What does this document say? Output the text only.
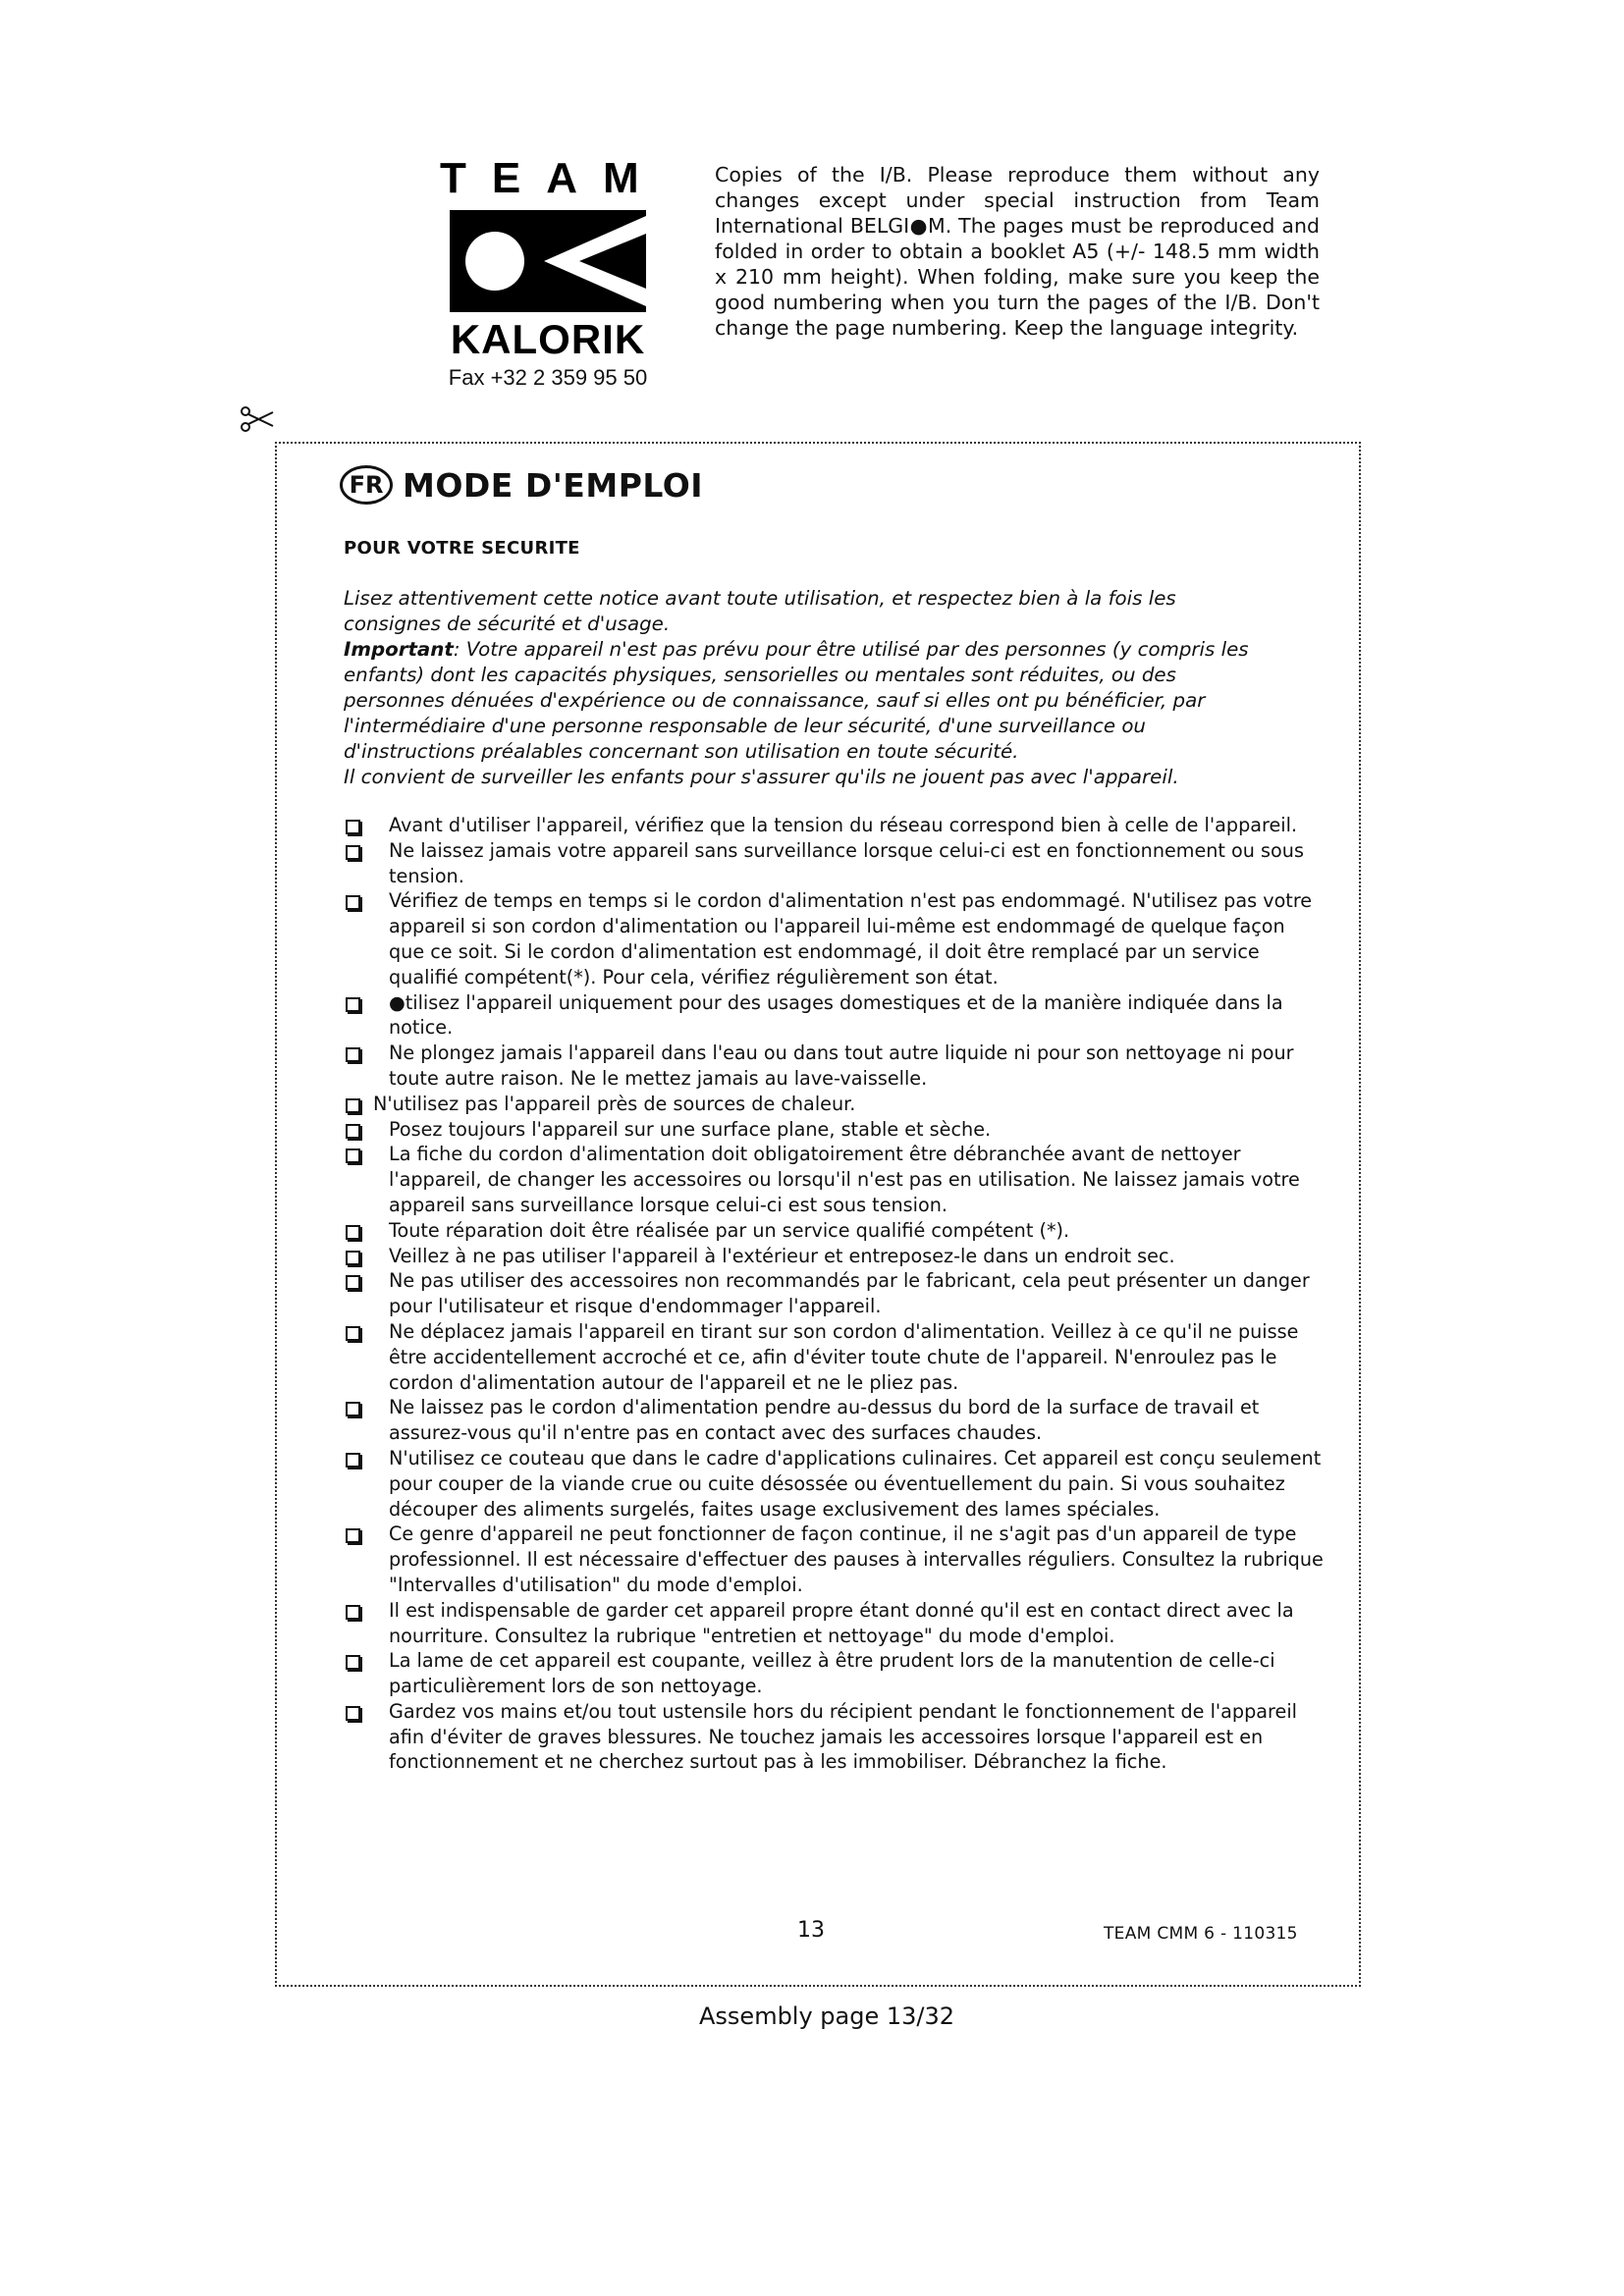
TEAM
KALORIK
Fax +32 2 359 95 50
Copies of the I/B. Please reproduce them without any changes except under special instruction from Team International BELGI●M. The pages must be reproduced and folded in order to obtain a booklet A5 (+/- 148.5 mm width x 210 mm height). When folding, make sure you keep the good numbering when you turn the pages of the I/B. Don't change the page numbering. Keep the language integrity.
FR MODE D'EMPLOI
POUR VOTRE SECURITE

Lisez attentivement cette notice avant toute utilisation, et respectez bien à la fois les consignes de sécurité et d'usage.

Important: Votre appareil n'est pas prévu pour être utilisé par des personnes (y compris les enfants) dont les capacités physiques, sensorielles ou mentales sont réduites, ou des personnes dénuées d'expérience ou de connaissance, sauf si elles ont pu bénéficier, par l'intermédiaire d'une personne responsable de leur sécurité, d'une surveillance ou d'instructions préalables concernant son utilisation en toute sécurité.

Il convient de surveiller les enfants pour s'assurer qu'ils ne jouent pas avec l'appareil.

Avant d'utiliser l'appareil, vérifiez que la tension du réseau correspond bien à celle de l'appareil.
Ne laissez jamais votre appareil sans surveillance lorsque celui-ci est en fonctionnement ou sous tension.
Vérifiez de temps en temps si le cordon d'alimentation n'est pas endommagé. N'utilisez pas votre appareil si son cordon d'alimentation ou l'appareil lui-même est endommagé de quelque façon que ce soit. Si le cordon d'alimentation est endommagé, il doit être remplacé par un service qualifié compétent(*). Pour cela, vérifiez régulièrement son état.
●tilisez l'appareil uniquement pour des usages domestiques et de la manière indiquée dans la notice.
Ne plongez jamais l'appareil dans l'eau ou dans tout autre liquide ni pour son nettoyage ni pour toute autre raison. Ne le mettez jamais au lave-vaisselle.
N'utilisez pas l'appareil près de sources de chaleur.
Posez toujours l'appareil sur une surface plane, stable et sèche.
La fiche du cordon d'alimentation doit obligatoirement être débranchée avant de nettoyer l'appareil, de changer les accessoires ou lorsqu'il n'est pas en utilisation. Ne laissez jamais votre appareil sans surveillance lorsque celui-ci est sous tension.
Toute réparation doit être réalisée par un service qualifié compétent (*).
Veillez à ne pas utiliser l'appareil à l'extérieur et entreposez-le dans un endroit sec.
Ne pas utiliser des accessoires non recommandés par le fabricant, cela peut présenter un danger pour l'utilisateur et risque d'endommager l'appareil.
Ne déplacez jamais l'appareil en tirant sur son cordon d'alimentation. Veillez à ce qu'il ne puisse être accidentellement accroché et ce, afin d'éviter toute chute de l'appareil. N'enroulez pas le cordon d'alimentation autour de l'appareil et ne le pliez pas.
Ne laissez pas le cordon d'alimentation pendre au-dessus du bord de la surface de travail et assurez-vous qu'il n'entre pas en contact avec des surfaces chaudes.
N'utilisez ce couteau que dans le cadre d'applications culinaires. Cet appareil est conçu seulement pour couper de la viande crue ou cuite désossée ou éventuellement du pain. Si vous souhaitez découper des aliments surgelés, faites usage exclusivement des lames spéciales.
Ce genre d'appareil ne peut fonctionner de façon continue, il ne s'agit pas d'un appareil de type professionnel. Il est nécessaire d'effectuer des pauses à intervalles réguliers. Consultez la rubrique "Intervalles d'utilisation" du mode d'emploi.
Il est indispensable de garder cet appareil propre étant donné qu'il est en contact direct avec la nourriture. Consultez la rubrique "entretien et nettoyage" du mode d'emploi.
La lame de cet appareil est coupante, veillez à être prudent lors de la manutention de celle-ci particulièrement lors de son nettoyage.
Gardez vos mains et/ou tout ustensile hors du récipient pendant le fonctionnement de l'appareil afin d'éviter de graves blessures. Ne touchez jamais les accessoires lorsque l'appareil est en fonctionnement et ne cherchez surtout pas à les immobiliser. Débranchez la fiche.
13	TEAM CMM 6 - 110315
Assembly page 13/32
